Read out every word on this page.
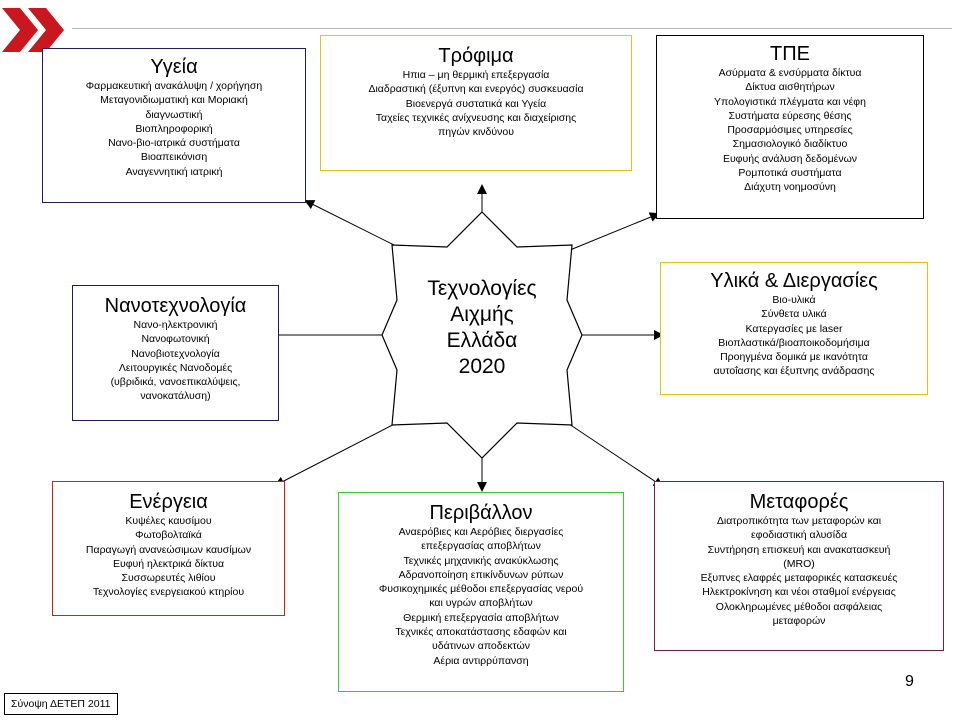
Τεχνολογίες
Αιχμής
Ελλάδα
2020
Υγεία
Φαρμακευτική ανακάλυψη / χορήγηση
Μεταγονιδιωματική και Μοριακή
διαγνωστική
Βιοπληροφορική
Νανο-βιο-ιατρικά συστήματα
Βιοαπεικόνιση
Αναγεννητική ιατρική
Τρόφιμα
Ηπια – μη θερμική επεξεργασία
Διαδραστική (έξυπνη και ενεργός) συσκευασία
Βιοενεργά συστατικά και Υγεία
Ταχείες τεχνικές ανίχνευσης και διαχείρισης
πηγών κινδύνου
ΤΠΕ
Ασύρματα & ενσύρματα δίκτυα
Δίκτυα αισθητήρων
Υπολογιστικά πλέγματα και νέφη
Συστήματα εύρεσης θέσης
Προσαρμόσιμες υπηρεσίες
Σημασιολογικό διαδίκτυο
Ευφυής ανάλυση δεδομένων
Ρομποτικά συστήματα
Διάχυτη νοημοσύνη
Υλικά & Διεργασίες
Βιο-υλικά
Σύνθετα υλικά
Κατεργασίες με laser
Βιοπλαστικά/βιοαποικοδομήσιμα
Προηγμένα δομικά με ικανότητα
αυτοΐασης και έξυπνης ανάδρασης
Νανοτεχνολογία
Νανο-ηλεκτρονική
Νανοφωτονική
Νανοβιοτεχνολογία
Λειτουργικές Νανοδομές
(υβριδικά, νανοεπικαλύψεις,
νανοκατάλυση)
Ενέργεια
Κυψέλες καυσίμου
Φωτοβολταϊκά
Παραγωγή ανανεώσιμων καυσίμων
Ευφυή ηλεκτρικά δίκτυα
Συσσωρευτές λιθίου
Τεχνολογίες ενεργειακού κτηρίου
Περιβάλλον
Αναερόβιες και Αερόβιες διεργασίες
επεξεργασίας αποβλήτων
Τεχνικές μηχανικής ανακύκλωσης
Αδρανοποίηση επικίνδυνων ρύπων
Φυσικοχημικές μέθοδοι επεξεργασίας νερού
και υγρών αποβλήτων
Θερμική επεξεργασία αποβλήτων
Τεχνικές αποκατάστασης εδαφών και
υδάτινων αποδεκτών
Αέρια αντιρρύπανση
Μεταφορές
Διατροπικότητα των μεταφορών και
εφοδιαστική αλυσίδα
Συντήρηση επισκευή και ανακατασκευή
(MRO)
Εξυπνες ελαφρές μεταφορικές κατασκευές
Ηλεκτροκίνηση και νέοι σταθμοί ενέργειας
Ολοκληρωμένες μέθοδοι ασφάλειας
μεταφορών
9
Σύνοψη ΔΕΤΕΠ 2011
